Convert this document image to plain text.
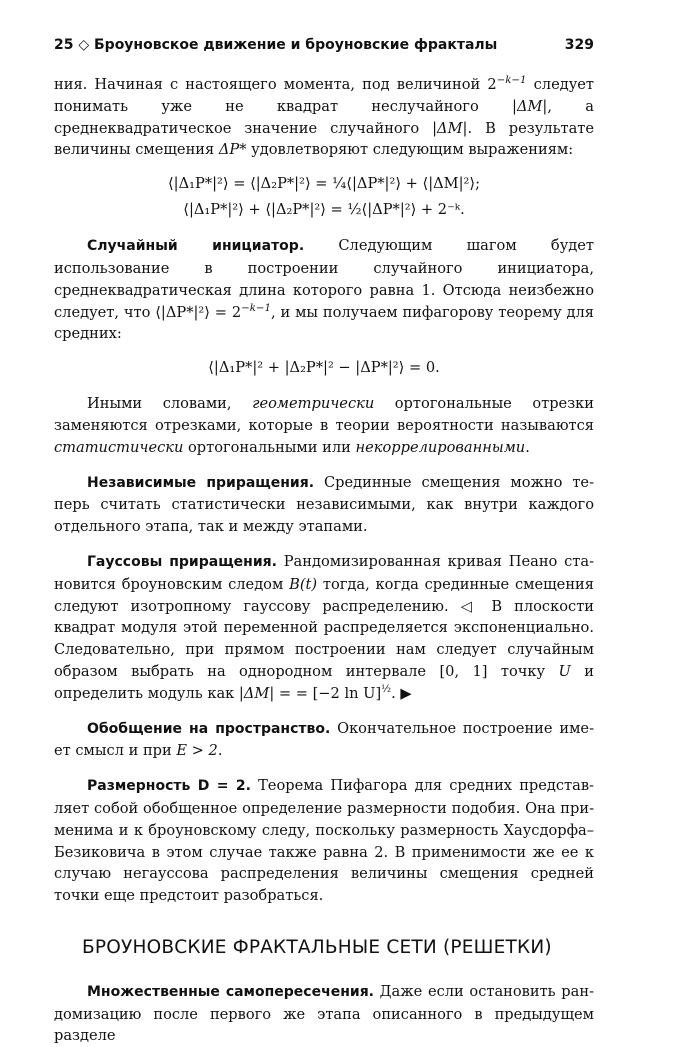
25 ◇ Броуновское движение и броуновские фракталы	329

ния. Начиная с настоящего момента, под величиной $2^{-k-1}$ следует понимать уже не квадрат неслучайного |ΔM|, а среднеквадратическое значение случайного |ΔM|. В результате величины смещения ΔP* удовлетворяют следующим выражениям:

⟨|Δ₁P*|²⟩ = ⟨|Δ₂P*|²⟩ = ¼⟨|ΔP*|²⟩ + ⟨|ΔM|²⟩;
⟨|Δ₁P*|²⟩ + ⟨|Δ₂P*|²⟩ = ½⟨|ΔP*|²⟩ + 2⁻ᵏ.

Случайный инициатор. Следующим шагом будет использование в построении случайного инициатора, среднеквадратическая длина которого равна 1. Отсюда неизбежно следует, что ⟨|ΔP*|²⟩ = $2^{-k-1}$, и мы получаем пифагорову теорему для средних:

⟨|Δ₁P*|² + |Δ₂P*|² − |ΔP*|²⟩ = 0.

Иными словами, геометрически ортогональные отрезки заменяются отрезками, которые в теории вероятности называются статистически ортогональными или некоррелированными.

Независимые приращения. Срединные смещения можно теперь считать статистически независимыми, как внутри каждого отдельного этапа, так и между этапами.

Гауссовы приращения. Рандомизированная кривая Пеано становится броуновским следом B(t) тогда, когда срединные смещения следуют изотропному гауссову распределению. ◁ В плоскости квадрат модуля этой переменной распределяется экспоненциально. Следовательно, при прямом построении нам следует случайным образом выбрать на однородном интервале [0, 1] точку U и определить модуль как |ΔM| = = [−2 ln U]$^{\frac{1}{2}}$. ▶

Обобщение на пространство. Окончательное построение имеет смысл и при E > 2.

Размерность D = 2. Теорема Пифагора для средних представляет собой обобщенное определение размерности подобия. Она применима и к броуновскому следу, поскольку размерность Хаусдорфа–Безиковича в этом случае также равна 2. В применимости же ее к случаю негауссова распределения величины смещения средней точки еще предстоит разобраться.

БРОУНОВСКИЕ ФРАКТАЛЬНЫЕ СЕТИ (РЕШЕТКИ)

Множественные самопересечения. Даже если остановить рандомизацию после первого же этапа описанного в предыдущем разделе
